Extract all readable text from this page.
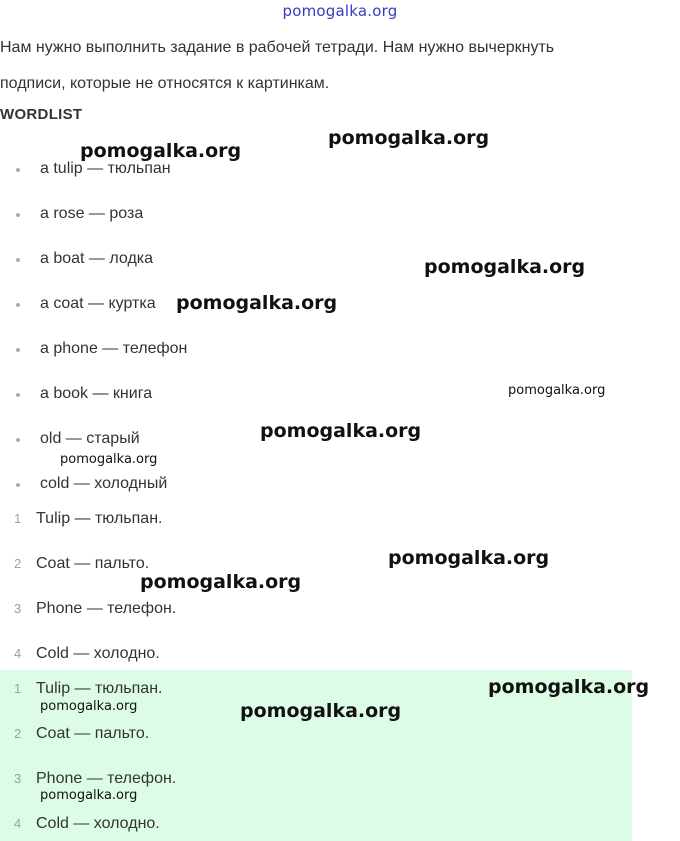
pomogalka.org
Нам нужно выполнить задание в рабочей тетради. Нам нужно вычеркнуть
подписи, которые не относятся к картинкам.
WORDLIST
a tulip — тюльпан
a rose — роза
a boat — лодка
a coat — куртка
a phone — телефон
a book — книга
old — старый
cold — холодный
1 Tulip — тюльпан.
2 Coat — пальто.
3 Phone — телефон.
4 Cold — холодно.
1 Tulip — тюльпан.
2 Coat — пальто.
3 Phone — телефон.
4 Cold — холодно.
pomogalka.org
pomogalka.org
pomogalka.org
pomogalka.org
pomogalka.org
pomogalka.org
pomogalka.org
pomogalka.org
pomogalka.org
pomogalka.org
pomogalka.org	pomogalka.org
pomogalka.org
